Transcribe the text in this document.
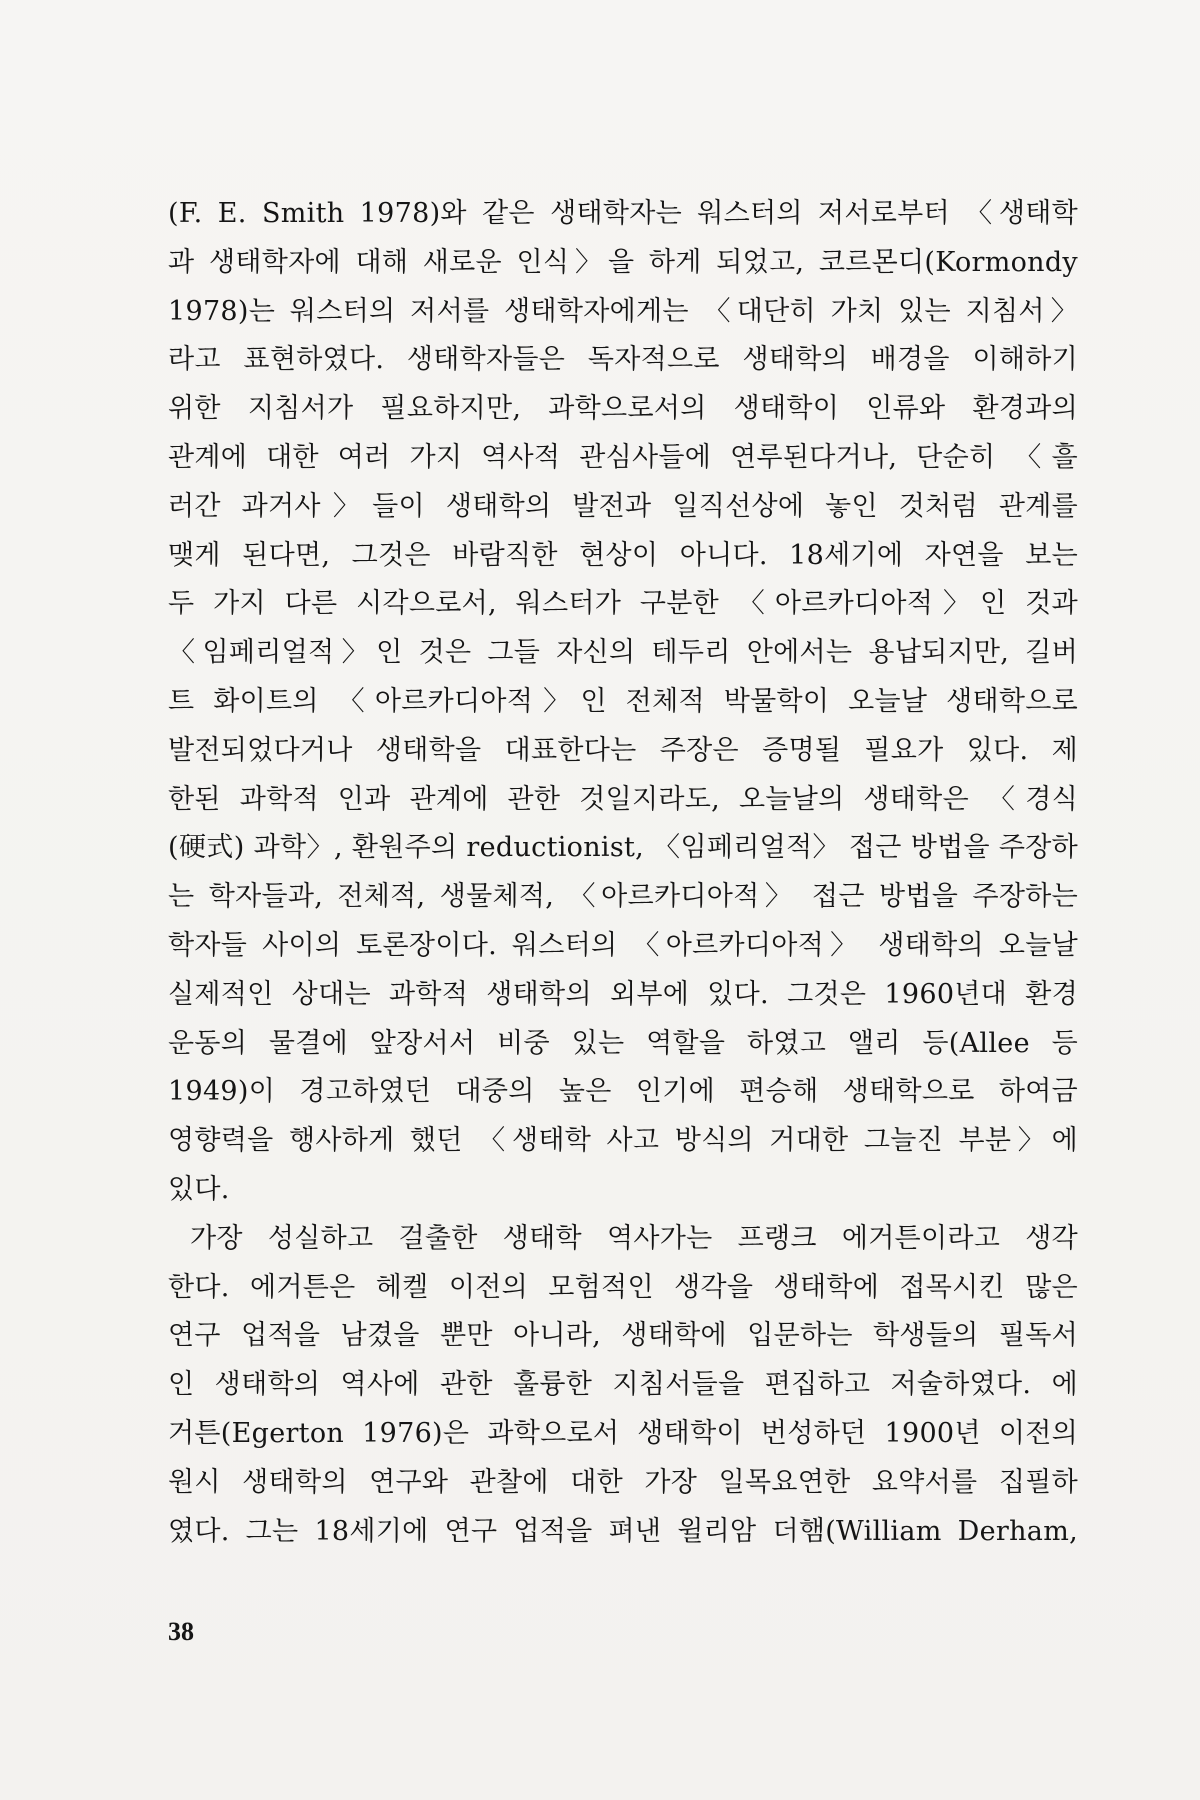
(F. E. Smith 1978)와 같은 생태학자는 워스터의 저서로부터 〈생태학
과 생태학자에 대해 새로운 인식〉을 하게 되었고, 코르몬디(Kormondy
1978)는 워스터의 저서를 생태학자에게는 〈대단히 가치 있는 지침서〉
라고 표현하였다. 생태학자들은 독자적으로 생태학의 배경을 이해하기
위한 지침서가 필요하지만, 과학으로서의 생태학이 인류와 환경과의
관계에 대한 여러 가지 역사적 관심사들에 연루된다거나, 단순히 〈흘
러간 과거사〉들이 생태학의 발전과 일직선상에 놓인 것처럼 관계를
맺게 된다면, 그것은 바람직한 현상이 아니다. 18세기에 자연을 보는
두 가지 다른 시각으로서, 워스터가 구분한 〈아르카디아적〉인 것과
〈임페리얼적〉인 것은 그들 자신의 테두리 안에서는 용납되지만, 길버
트 화이트의 〈아르카디아적〉인 전체적 박물학이 오늘날 생태학으로
발전되었다거나 생태학을 대표한다는 주장은 증명될 필요가 있다. 제
한된 과학적 인과 관계에 관한 것일지라도, 오늘날의 생태학은 〈경식
(硬式) 과학〉, 환원주의 reductionist, 〈임페리얼적〉 접근 방법을 주장하
는 학자들과, 전체적, 생물체적, 〈아르카디아적〉 접근 방법을 주장하는
학자들 사이의 토론장이다. 워스터의 〈아르카디아적〉 생태학의 오늘날
실제적인 상대는 과학적 생태학의 외부에 있다. 그것은 1960년대 환경
운동의 물결에 앞장서서 비중 있는 역할을 하였고 앨리 등(Allee 등
1949)이 경고하였던 대중의 높은 인기에 편승해 생태학으로 하여금
영향력을 행사하게 했던 〈생태학 사고 방식의 거대한 그늘진 부분〉에
있다.
가장 성실하고 걸출한 생태학 역사가는 프랭크 에거튼이라고 생각
한다. 에거튼은 헤켈 이전의 모험적인 생각을 생태학에 접목시킨 많은
연구 업적을 남겼을 뿐만 아니라, 생태학에 입문하는 학생들의 필독서
인 생태학의 역사에 관한 훌륭한 지침서들을 편집하고 저술하였다. 에
거튼(Egerton 1976)은 과학으로서 생태학이 번성하던 1900년 이전의
원시 생태학의 연구와 관찰에 대한 가장 일목요연한 요약서를 집필하
였다. 그는 18세기에 연구 업적을 펴낸 윌리암 더햄(William Derham,
38
